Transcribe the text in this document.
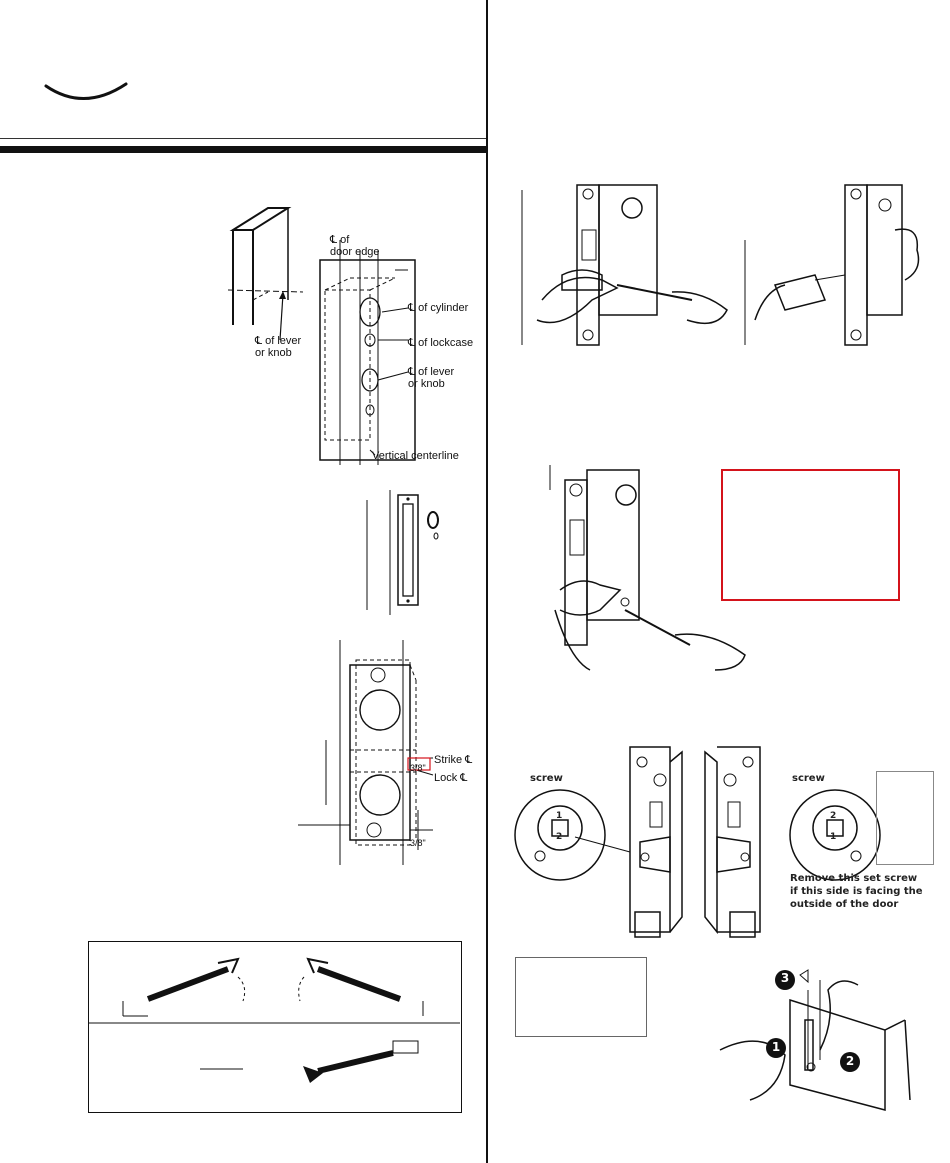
℄ of lever
or knob
℄ of
door edge
℄ of cylinder
℄ of lockcase
℄ of lever
or knob
Vertical centerline
Strike ℄
Lock ℄
3/8"
3/8"
screw
1
2
screw
2
1
Remove this set screw
if this side is facing the
outside of the door
3
1
2
